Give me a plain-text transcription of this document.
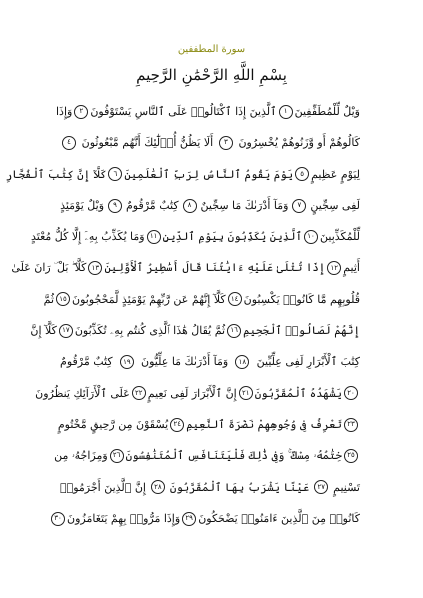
سورة المطففين
بِسْمِ اللَّهِ الرَّحْمَٰنِ الرَّحِيمِ
وَيْلٌ لِّلْمُطَفِّفِينَ
١
ٱلَّذِينَ إِذَا ٱكْتَالُوا۟ عَلَى ٱلنَّاسِ يَسْتَوْفُونَ
٢
وَإِذَا
كَالُوهُمْ أَو وَّزَنُوهُمْ يُخْسِرُونَ
٣
أَلَا يَظُنُّ أُو۟لَٰٓئِكَ أَنَّهُم مَّبْعُوثُونَ
٤
لِيَوْمٍ عَظِيمٍ
٥
يَوْمَ يَقُومُ ٱلنَّاسُ لِرَبِّ ٱلْعَٰلَمِينَ
٦
كَلَّآ إِنَّ كِتَٰبَ ٱلْفُجَّارِ
لَفِى سِجِّينٍ
٧
وَمَآ أَدْرَىٰكَ مَا سِجِّينٌ
٨
كِتَٰبٌ مَّرْقُومٌ
٩
وَيْلٌ يَوْمَئِذٍ
لِّلْمُكَذِّبِينَ
١٠
ٱلَّذِينَ يُكَذِّبُونَ بِيَوْمِ ٱلدِّينِ
١١
وَمَا يُكَذِّبُ بِهِۦٓ إِلَّا كُلُّ مُعْتَدٍ
أَثِيمٍ
١٢
إِذَا تُتْلَىٰ عَلَيْهِ ءَايَٰتُنَا قَالَ أَسَٰطِيرُ ٱلْأَوَّلِينَ
١٣
كَلَّا ۖ بَلْ ۜ رَانَ عَلَىٰ
قُلُوبِهِم مَّا كَانُوا۟ يَكْسِبُونَ
١٤
كَلَّآ إِنَّهُمْ عَن رَّبِّهِمْ يَوْمَئِذٍ لَّمَحْجُوبُونَ
١٥
ثُمَّ
إِنَّهُمْ لَصَالُوا۟ ٱلْجَحِيمِ
١٦
ثُمَّ يُقَالُ هَٰذَا ٱلَّذِى كُنتُم بِهِۦ تُكَذِّبُونَ
١٧
كَلَّآ إِنَّ
كِتَٰبَ ٱلْأَبْرَارِ لَفِى عِلِّيِّينَ
١٨
وَمَآ أَدْرَىٰكَ مَا عِلِّيُّونَ
١٩
كِتَٰبٌ مَّرْقُومٌ
٢٠
يَشْهَدُهُ ٱلْمُقَرَّبُونَ
٢١
إِنَّ ٱلْأَبْرَارَ لَفِى نَعِيمٍ
٢٢
عَلَى ٱلْأَرَآئِكِ يَنظُرُونَ
٢٣
تَعْرِفُ فِى وُجُوهِهِمْ نَضْرَةَ ٱلنَّعِيمِ
٢٤
يُسْقَوْنَ مِن رَّحِيقٍ مَّخْتُومٍ
٢٥
خِتَٰمُهُۥ مِسْكٌ ۚ وَفِى ذَٰلِكَ فَلْيَتَنَافَسِ ٱلْمُتَنَٰفِسُونَ
٢٦
وَمِزَاجُهُۥ مِن
تَسْنِيمٍ
٢٧
عَيْنًا يَشْرَبُ بِهَا ٱلْمُقَرَّبُونَ
٢٨
إِنَّ ٱلَّذِينَ أَجْرَمُوا۟
كَانُوا۟ مِنَ ٱلَّذِينَ ءَامَنُوا۟ يَضْحَكُونَ
٢٩
وَإِذَا مَرُّوا۟ بِهِمْ يَتَغَامَزُونَ
٣٠
